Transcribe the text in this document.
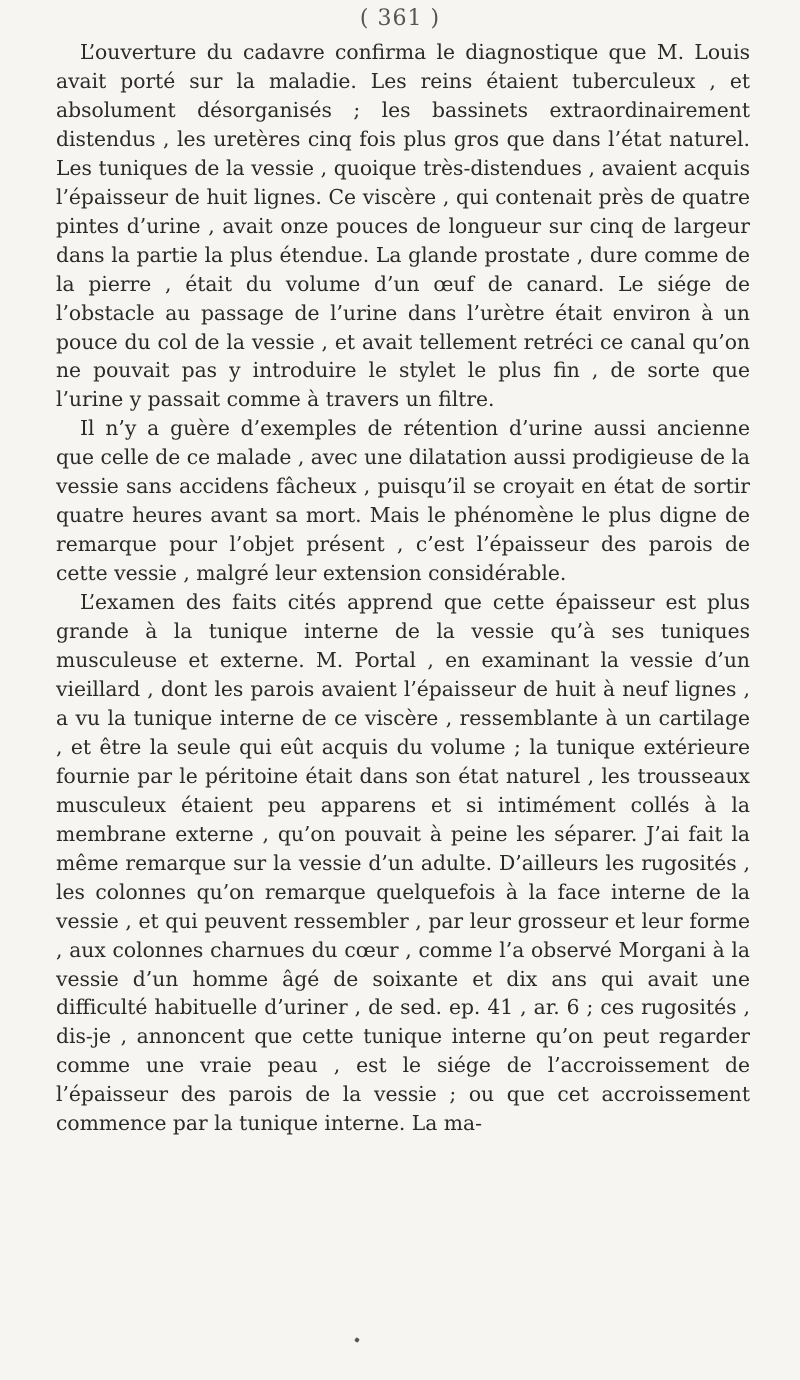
( 361 )

L’ouverture du cadavre confirma le diagnostique que M. Louis avait porté sur la maladie. Les reins étaient tuberculeux , et absolument désorganisés ; les bassinets extraordinairement distendus , les uretères cinq fois plus gros que dans l’état naturel. Les tuniques de la vessie , quoique très-distendues , avaient acquis l’épaisseur de huit lignes. Ce viscère , qui contenait près de quatre pintes d’urine , avait onze pouces de longueur sur cinq de largeur dans la partie la plus étendue. La glande prostate , dure comme de la pierre , était du volume d’un œuf de canard. Le siége de l’obstacle au passage de l’urine dans l’urètre était environ à un pouce du col de la vessie , et avait tellement retréci ce canal qu’on ne pouvait pas y introduire le stylet le plus fin , de sorte que l’urine y passait comme à travers un filtre.

Il n’y a guère d’exemples de rétention d’urine aussi ancienne que celle de ce malade , avec une dilatation aussi prodigieuse de la vessie sans accidens fâcheux , puisqu’il se croyait en état de sortir quatre heures avant sa mort. Mais le phénomène le plus digne de remarque pour l’objet présent , c’est l’épaisseur des parois de cette vessie , malgré leur extension considérable.

L’examen des faits cités apprend que cette épaisseur est plus grande à la tunique interne de la vessie qu’à ses tuniques musculeuse et externe. M. Portal , en examinant la vessie d’un vieillard , dont les parois avaient l’épaisseur de huit à neuf lignes , a vu la tunique interne de ce viscère , ressemblante à un cartilage , et être la seule qui eût acquis du volume ; la tunique extérieure fournie par le péritoine était dans son état naturel , les trousseaux musculeux étaient peu apparens et si intimément collés à la membrane externe , qu’on pouvait à peine les séparer. J’ai fait la même remarque sur la vessie d’un adulte. D’ailleurs les rugosités , les colonnes qu’on remarque quelquefois à la face interne de la vessie , et qui peuvent ressembler , par leur grosseur et leur forme , aux colonnes charnues du cœur , comme l’a observé Morgani à la vessie d’un homme âgé de soixante et dix ans qui avait une difficulté habituelle d’uriner , de sed. ep. 41 , ar. 6 ; ces rugosités , dis-je , annoncent que cette tunique interne qu’on peut regarder comme une vraie peau , est le siége de l’accroissement de l’épaisseur des parois de la vessie ; ou que cet accroissement commence par la tunique interne. La ma-
